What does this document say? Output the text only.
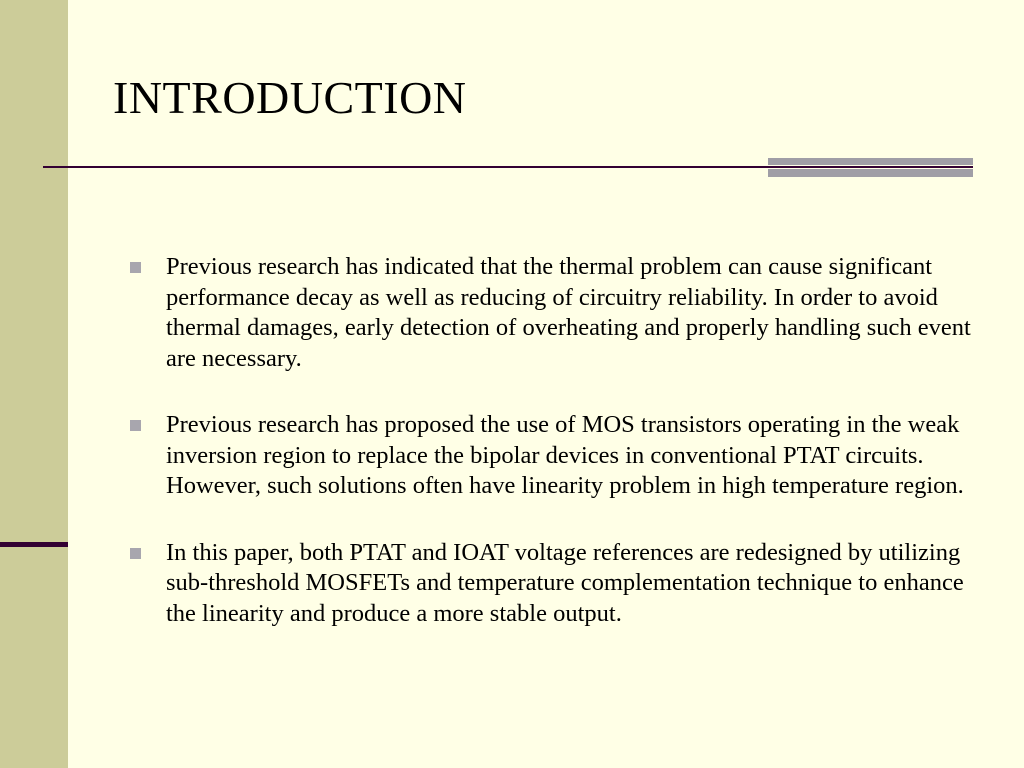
INTRODUCTION
Previous research has indicated that the thermal problem can cause significant performance decay as well as reducing of circuitry reliability. In order to avoid thermal damages, early detection of overheating and properly handling such event are necessary.
Previous research has proposed the use of MOS transistors operating in the weak inversion region to replace the bipolar devices in conventional PTAT circuits. However, such solutions often have linearity problem in high temperature region.
In this paper, both PTAT and IOAT voltage references are redesigned by utilizing sub-threshold MOSFETs and temperature complementation technique to enhance the linearity and produce a more stable output.
